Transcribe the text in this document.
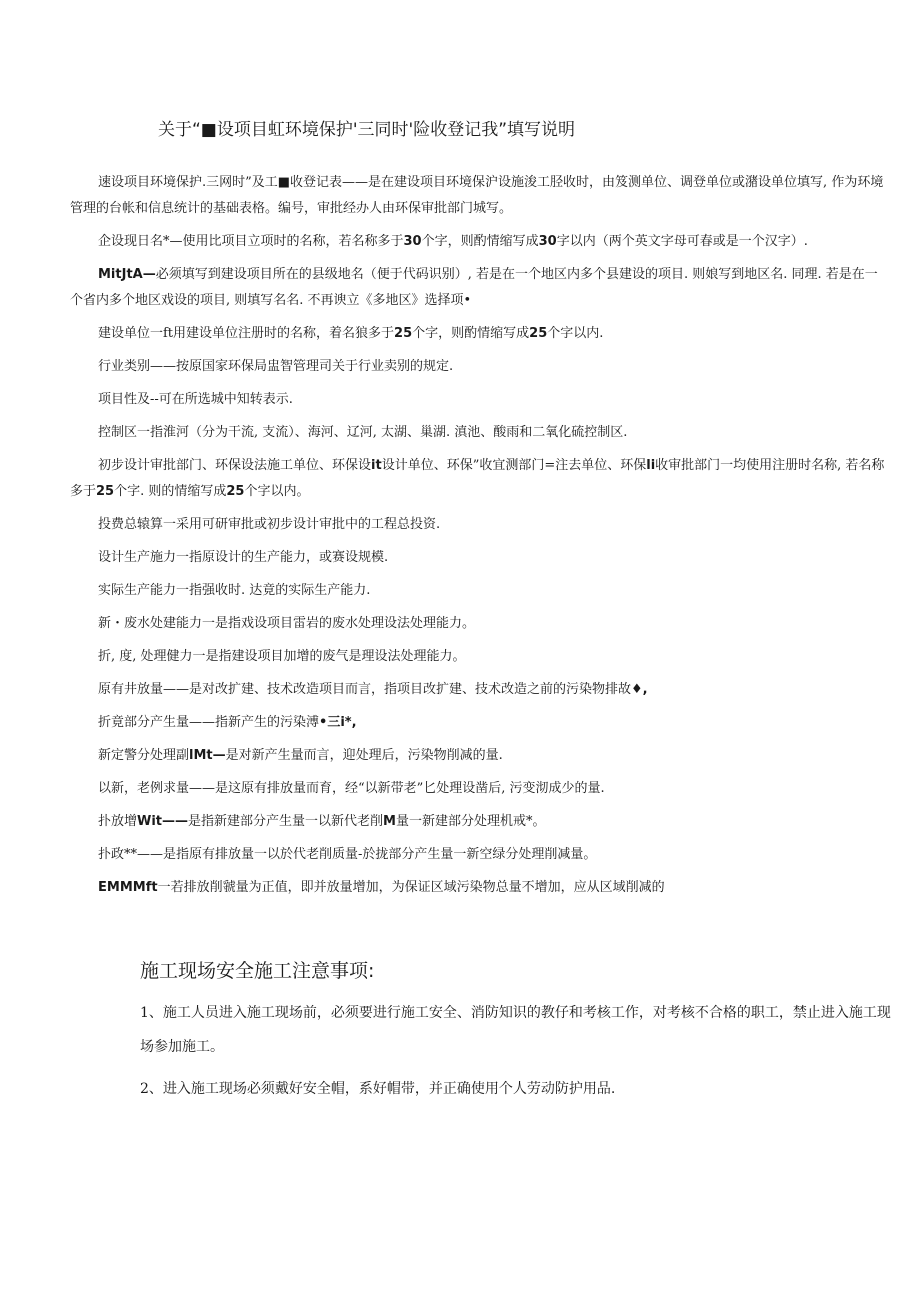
关于“■设项目虹环境保护'三同时'险收登记我”填写说明

速设项目环境保护.三网时”及工■收登记表——是在建设项目环境保沪设施浚工胫收时，由笈测单位、调登单位或潴设单位填写, 作为环境管理的台帐和信息统计的基础表格。编号，审批经办人由环保审批部门城写。

企设现日名*—使用比项目立项时的名称，若名称多于30个字，则酌情缩写成30字以内（两个英文字母可春或是一个汉字）.

MitJtA—必须填写到建设项目所在的县级地名（便于代码识别）, 若是在一个地区内多个县建设的项目. 则娘写到地区名. 同理. 若是在一个省内多个地区戏设的项目, 则填写名名. 不再谀立《多地区》选择项•

建设单位一ft用建设单位注册时的名称，着名狼多于25个字，则酌情缩写成25个字以内.

行业类别——按原国家环保局盅智管理司关于行业卖别的规定.

项目性及--可在所选城中知转表示.

控制区一指淮河（分为干流, 支流）、海河、辽河, 太湖、巢湖. 滇池、酸雨和二氧化硫控制区.

初步设计审批部门、环保设法施工单位、环保设it设计单位、环保”收宜测部门=注去单位、环保li收审批部门一均使用注册时名称, 若名称多于25个字. 则的情缩写成25个字以内。

投费总辕算一采用可研审批或初步设计审批中的工程总投资.

设计生产施力一指原设计的生产能力，或赛设规模.

实际生产能力一指强收时. 达竟的实际生产能力.

新・废水处建能力一是指戏设项目雷岩的废水处理设法处理能力。

折, 度, 处理健力一是指建设项目加增的废气是理设法处理能力。

原有井放量——是对改扩建、技术改造项目而言，指项目改扩建、技术改造之前的污染物排故♦,

折竟部分产生量——指新产生的污染溥•三i*,

新定警分处理副lMt—是对新产生量而言，迎处理后，污染物削减的量.

以新，老例求量——是这原有排放量而育，经“以新带老”匕处理设凿后, 污变沏成少的量.

扑放增Wit——是指新建部分产生量一以新代老削M量一新建部分处理机戒*。

扑政**——是指原有排放量一以於代老削质量-於拢部分产生量一新空绿分处理削减量。

EMMMft一若排放削虢量为正值，即并放量增加，为保证区域污染物总量不增加，应从区域削减的

施工现场安全施工注意事项:

1、施工人员进入施工现场前，必须要进行施工安全、消防知识的教仔和考核工作，对考核不合格的职工，禁止进入施工现场参加施工。

2、进入施工现场必须戴好安全帽，系好帽带，并正确使用个人劳动防护用品.
